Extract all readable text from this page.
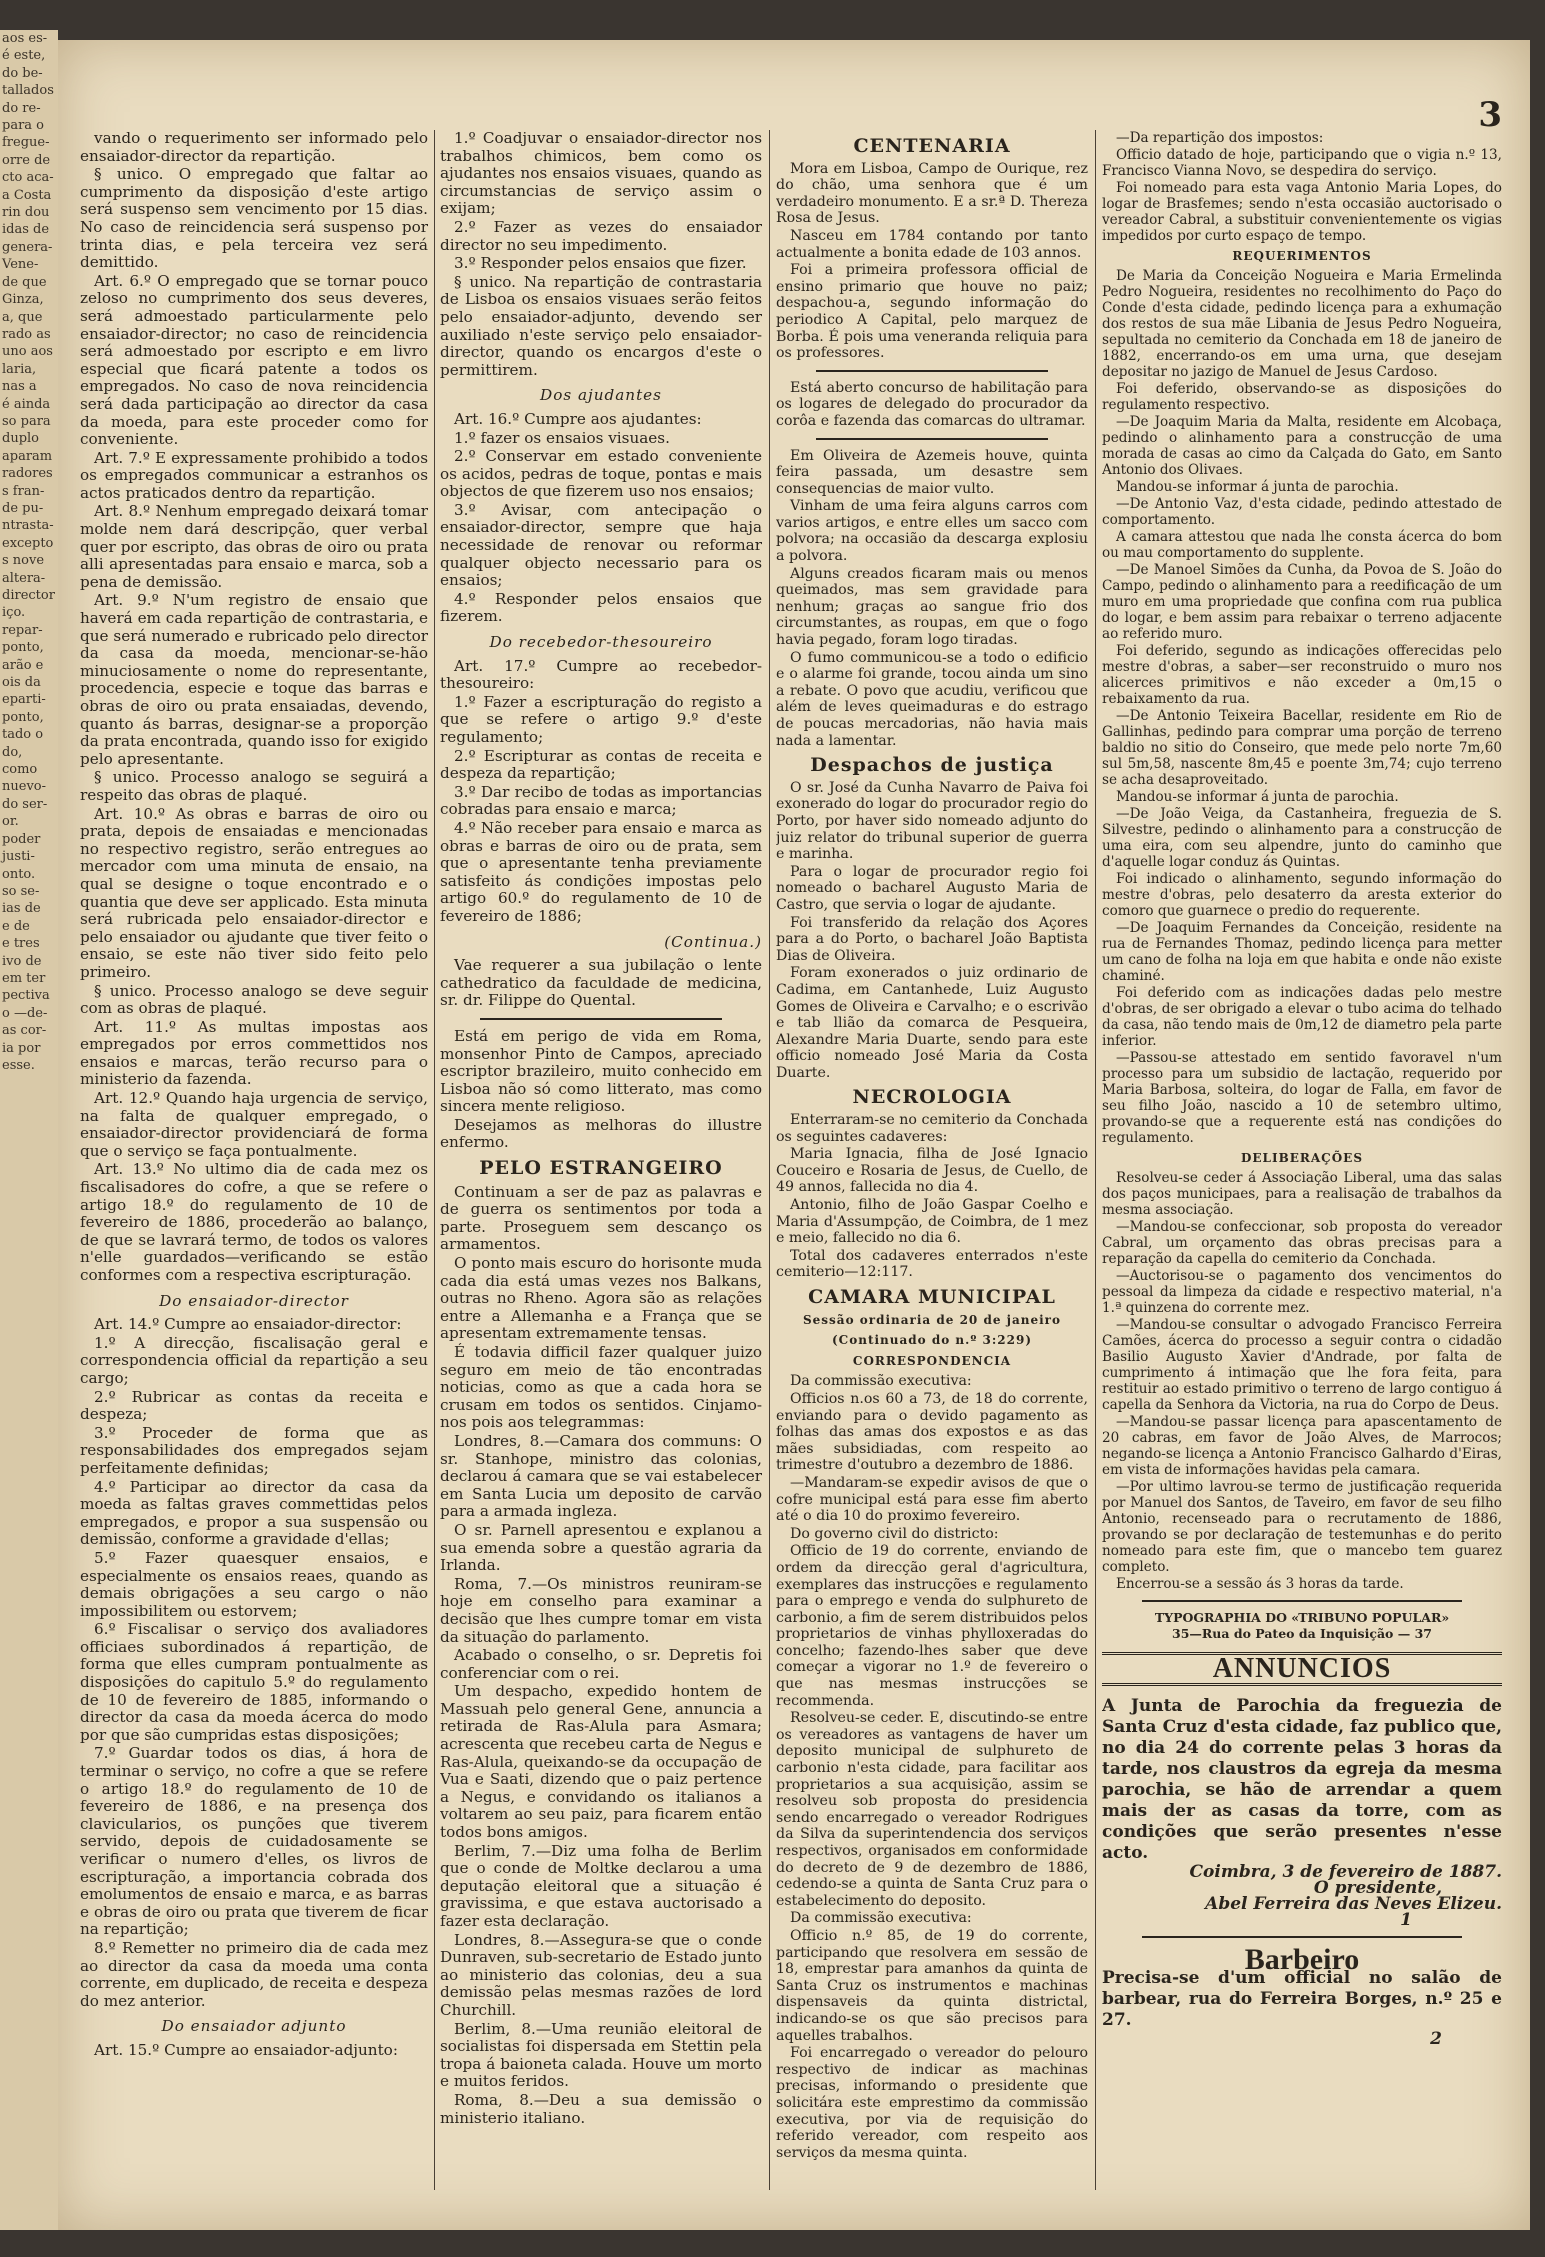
aos es-
é este,
do be-
tallados
do re-
para o
fregue-
orre de
cto aca-
a Costa
rin dou
idas de
genera-
Vene-
de que
Ginza,
a, que
rado as
uno aos
laria,
nas a
é ainda
so para
duplo
aparam
radores
s fran-
de pu-
ntrasta-
excepto
s nove
altera-
director
iço.
repar-
ponto,
arão e
ois da
eparti-
ponto,
tado o
do,
como
nuevo-
do ser-
or.
poder
justi-
onto.
so se-
ias de
e de
e tres
ivo de
em ter
pectiva
o —de-
as cor-
ia por
esse.
3

vando o requerimento ser informado pelo ensaiador-director da repartição.

§ unico. O empregado que faltar ao cumprimento da disposição d'este artigo será suspenso sem vencimento por 15 dias. No caso de reincidencia será suspenso por trinta dias, e pela terceira vez será demittido.

Art. 6.º O empregado que se tornar pouco zeloso no cumprimento dos seus deveres, será admoestado particularmente pelo ensaiador-director; no caso de reincidencia será admoestado por escripto e em livro especial que ficará patente a todos os empregados. No caso de nova reincidencia será dada participação ao director da casa da moeda, para este proceder como for conveniente.

Art. 7.º E expressamente prohibido a todos os empregados communicar a estranhos os actos praticados dentro da repartição.

Art. 8.º Nenhum empregado deixará tomar molde nem dará descripção, quer verbal quer por escripto, das obras de oiro ou prata alli apresentadas para ensaio e marca, sob a pena de demissão.

Art. 9.º N'um registro de ensaio que haverá em cada repartição de contrastaria, e que será numerado e rubricado pelo director da casa da moeda, mencionar-se-hão minuciosamente o nome do representante, procedencia, especie e toque das barras e obras de oiro ou prata ensaiadas, devendo, quanto ás barras, designar-se a proporção da prata encontrada, quando isso for exigido pelo apresentante.

§ unico. Processo analogo se seguirá a respeito das obras de plaqué.

Art. 10.º As obras e barras de oiro ou prata, depois de ensaiadas e mencionadas no respectivo registro, serão entregues ao mercador com uma minuta de ensaio, na qual se designe o toque encontrado e o quantia que deve ser applicado. Esta minuta será rubricada pelo ensaiador-director e pelo ensaiador ou ajudante que tiver feito o ensaio, se este não tiver sido feito pelo primeiro.

§ unico. Processo analogo se deve seguir com as obras de plaqué.

Art. 11.º As multas impostas aos empregados por erros commettidos nos ensaios e marcas, terão recurso para o ministerio da fazenda.

Art. 12.º Quando haja urgencia de serviço, na falta de qualquer empregado, o ensaiador-director providenciará de forma que o serviço se faça pontualmente.

Art. 13.º No ultimo dia de cada mez os fiscalisadores do cofre, a que se refere o artigo 18.º do regulamento de 10 de fevereiro de 1886, procederão ao balanço, de que se lavrará termo, de todos os valores n'elle guardados—verificando se estão conformes com a respectiva escripturação.

Do ensaiador-director

Art. 14.º Cumpre ao ensaiador-director:

1.º A direcção, fiscalisação geral e correspondencia official da repartição a seu cargo;

2.º Rubricar as contas da receita e despeza;

3.º Proceder de forma que as responsabilidades dos empregados sejam perfeitamente definidas;

4.º Participar ao director da casa da moeda as faltas graves commettidas pelos empregados, e propor a sua suspensão ou demissão, conforme a gravidade d'ellas;

5.º Fazer quaesquer ensaios, e especialmente os ensaios reaes, quando as demais obrigações a seu cargo o não impossibilitem ou estorvem;

6.º Fiscalisar o serviço dos avaliadores officiaes subordinados á repartição, de forma que elles cumpram pontualmente as disposições do capitulo 5.º do regulamento de 10 de fevereiro de 1885, informando o director da casa da moeda ácerca do modo por que são cumpridas estas disposições;

7.º Guardar todos os dias, á hora de terminar o serviço, no cofre a que se refere o artigo 18.º do regulamento de 10 de fevereiro de 1886, e na presença dos clavicularios, os punções que tiverem servido, depois de cuidadosamente se verificar o numero d'elles, os livros de escripturação, a importancia cobrada dos emolumentos de ensaio e marca, e as barras e obras de oiro ou prata que tiverem de ficar na repartição;

8.º Remetter no primeiro dia de cada mez ao director da casa da moeda uma conta corrente, em duplicado, de receita e despeza do mez anterior.

Do ensaiador adjunto

Art. 15.º Cumpre ao ensaiador-adjunto:

1.º Coadjuvar o ensaiador-director nos trabalhos chimicos, bem como os ajudantes nos ensaios visuaes, quando as circumstancias de serviço assim o exijam;

2.º Fazer as vezes do ensaiador director no seu impedimento.

3.º Responder pelos ensaios que fizer.

§ unico. Na repartição de contrastaria de Lisboa os ensaios visuaes serão feitos pelo ensaiador-adjunto, devendo ser auxiliado n'este serviço pelo ensaiador-director, quando os encargos d'este o permittirem.

Dos ajudantes

Art. 16.º Cumpre aos ajudantes:

1.º fazer os ensaios visuaes.

2.º Conservar em estado conveniente os acidos, pedras de toque, pontas e mais objectos de que fizerem uso nos ensaios;

3.º Avisar, com antecipação o ensaiador-director, sempre que haja necessidade de renovar ou reformar qualquer objecto necessario para os ensaios;

4.º Responder pelos ensaios que fizerem.

Do recebedor-thesoureiro

Art. 17.º Cumpre ao recebedor-thesoureiro:

1.º Fazer a escripturação do registo a que se refere o artigo 9.º d'este regulamento;

2.º Escripturar as contas de receita e despeza da repartição;

3.º Dar recibo de todas as importancias cobradas para ensaio e marca;

4.º Não receber para ensaio e marca as obras e barras de oiro ou de prata, sem que o apresentante tenha previamente satisfeito ás condições impostas pelo artigo 60.º do regulamento de 10 de fevereiro de 1886;

(Continua.)

Vae requerer a sua jubilação o lente cathedratico da faculdade de medicina, sr. dr. Filippe do Quental.

Está em perigo de vida em Roma, monsenhor Pinto de Campos, apreciado escriptor brazileiro, muito conhecido em Lisboa não só como litterato, mas como sincera mente religioso.

Desejamos as melhoras do illustre enfermo.

PELO ESTRANGEIRO

Continuam a ser de paz as palavras e de guerra os sentimentos por toda a parte. Proseguem sem descanço os armamentos.

O ponto mais escuro do horisonte muda cada dia está umas vezes nos Balkans, outras no Rheno. Agora são as relações entre a Allemanha e a França que se apresentam extremamente tensas.

É todavia difficil fazer qualquer juizo seguro em meio de tão encontradas noticias, como as que a cada hora se crusam em todos os sentidos. Cinjamo-nos pois aos telegrammas:

Londres, 8.—Camara dos communs: O sr. Stanhope, ministro das colonias, declarou á camara que se vai estabelecer em Santa Lucia um deposito de carvão para a armada ingleza.

O sr. Parnell apresentou e explanou a sua emenda sobre a questão agraria da Irlanda.

Roma, 7.—Os ministros reuniram-se hoje em conselho para examinar a decisão que lhes cumpre tomar em vista da situação do parlamento.

Acabado o conselho, o sr. Depretis foi conferenciar com o rei.

Um despacho, expedido hontem de Massuah pelo general Gene, annuncia a retirada de Ras-Alula para Asmara; acrescenta que recebeu carta de Negus e Ras-Alula, queixando-se da occupação de Vua e Saati, dizendo que o paiz pertence a Negus, e convidando os italianos a voltarem ao seu paiz, para ficarem então todos bons amigos.

Berlim, 7.—Diz uma folha de Berlim que o conde de Moltke declarou a uma deputação eleitoral que a situação é gravissima, e que estava auctorisado a fazer esta declaração.

Londres, 8.—Assegura-se que o conde Dunraven, sub-secretario de Estado junto ao ministerio das colonias, deu a sua demissão pelas mesmas razões de lord Churchill.

Berlim, 8.—Uma reunião eleitoral de socialistas foi dispersada em Stettin pela tropa á baioneta calada. Houve um morto e muitos feridos.

Roma, 8.—Deu a sua demissão o ministerio italiano.

CENTENARIA

Mora em Lisboa, Campo de Ourique, rez do chão, uma senhora que é um verdadeiro monumento. E a sr.ª D. Thereza Rosa de Jesus.

Nasceu em 1784 contando por tanto actualmente a bonita edade de 103 annos.

Foi a primeira professora official de ensino primario que houve no paiz; despachou-a, segundo informação do periodico A Capital, pelo marquez de Borba. É pois uma veneranda reliquia para os professores.

Está aberto concurso de habilitação para os logares de delegado do procurador da corôa e fazenda das comarcas do ultramar.

Em Oliveira de Azemeis houve, quinta feira passada, um desastre sem consequencias de maior vulto.

Vinham de uma feira alguns carros com varios artigos, e entre elles um sacco com polvora; na occasião da descarga explosiu a polvora.

Alguns creados ficaram mais ou menos queimados, mas sem gravidade para nenhum; graças ao sangue frio dos circumstantes, as roupas, em que o fogo havia pegado, foram logo tiradas.

O fumo communicou-se a todo o edificio e o alarme foi grande, tocou ainda um sino a rebate. O povo que acudiu, verificou que além de leves queimaduras e do estrago de poucas mercadorias, não havia mais nada a lamentar.

Despachos de justiça

O sr. José da Cunha Navarro de Paiva foi exonerado do logar do procurador regio do Porto, por haver sido nomeado adjunto do juiz relator do tribunal superior de guerra e marinha.

Para o logar de procurador regio foi nomeado o bacharel Augusto Maria de Castro, que servia o logar de ajudante.

Foi transferido da relação dos Açores para a do Porto, o bacharel João Baptista Dias de Oliveira.

Foram exonerados o juiz ordinario de Cadima, em Cantanhede, Luiz Augusto Gomes de Oliveira e Carvalho; e o escrivão e tab llião da comarca de Pesqueira, Alexandre Maria Duarte, sendo para este officio nomeado José Maria da Costa Duarte.

NECROLOGIA

Enterraram-se no cemiterio da Conchada os seguintes cadaveres:

Maria Ignacia, filha de José Ignacio Couceiro e Rosaria de Jesus, de Cuello, de 49 annos, fallecida no dia 4.

Antonio, filho de João Gaspar Coelho e Maria d'Assumpção, de Coimbra, de 1 mez e meio, fallecido no dia 6.

Total dos cadaveres enterrados n'este cemiterio—12:117.

CAMARA MUNICIPAL
Sessão ordinaria de 20 de janeiro
(Continuado do n.º 3:229)
CORRESPONDENCIA

Da commissão executiva:

Officios n.os 60 a 73, de 18 do corrente, enviando para o devido pagamento as folhas das amas dos expostos e as das mães subsidiadas, com respeito ao trimestre d'outubro a dezembro de 1886.

—Mandaram-se expedir avisos de que o cofre municipal está para esse fim aberto até o dia 10 do proximo fevereiro.

Do governo civil do districto:

Officio de 19 do corrente, enviando de ordem da direcção geral d'agricultura, exemplares das instrucções e regulamento para o emprego e venda do sulphureto de carbonio, a fim de serem distribuidos pelos proprietarios de vinhas phylloxeradas do concelho; fazendo-lhes saber que deve começar a vigorar no 1.º de fevereiro o que nas mesmas instrucções se recommenda.

Resolveu-se ceder. E, discutindo-se entre os vereadores as vantagens de haver um deposito municipal de sulphureto de carbonio n'esta cidade, para facilitar aos proprietarios a sua acquisição, assim se resolveu sob proposta do presidencia sendo encarregado o vereador Rodrigues da Silva da superintendencia dos serviços respectivos, organisados em conformidade do decreto de 9 de dezembro de 1886, cedendo-se a quinta de Santa Cruz para o estabelecimento do deposito.

Da commissão executiva:

Officio n.º 85, de 19 do corrente, participando que resolvera em sessão de 18, emprestar para amanhos da quinta de Santa Cruz os instrumentos e machinas dispensaveis da quinta districtal, indicando-se os que são precisos para aquelles trabalhos.

Foi encarregado o vereador do pelouro respectivo de indicar as machinas precisas, informando o presidente que solicitára este emprestimo da commissão executiva, por via de requisição do referido vereador, com respeito aos serviços da mesma quinta.

—Da repartição dos impostos:

Officio datado de hoje, participando que o vigia n.º 13, Francisco Vianna Novo, se despedira do serviço.

Foi nomeado para esta vaga Antonio Maria Lopes, do logar de Brasfemes; sendo n'esta occasião auctorisado o vereador Cabral, a substituir convenientemente os vigias impedidos por curto espaço de tempo.

REQUERIMENTOS

De Maria da Conceição Nogueira e Maria Ermelinda Pedro Nogueira, residentes no recolhimento do Paço do Conde d'esta cidade, pedindo licença para a exhumação dos restos de sua mãe Libania de Jesus Pedro Nogueira, sepultada no cemiterio da Conchada em 18 de janeiro de 1882, encerrando-os em uma urna, que desejam depositar no jazigo de Manuel de Jesus Cardoso.

Foi deferido, observando-se as disposições do regulamento respectivo.

—De Joaquim Maria da Malta, residente em Alcobaça, pedindo o alinhamento para a construcção de uma morada de casas ao cimo da Calçada do Gato, em Santo Antonio dos Olivaes.

Mandou-se informar á junta de parochia.

—De Antonio Vaz, d'esta cidade, pedindo attestado de comportamento.

A camara attestou que nada lhe consta ácerca do bom ou mau comportamento do supplente.

—De Manoel Simões da Cunha, da Povoa de S. João do Campo, pedindo o alinhamento para a reedificação de um muro em uma propriedade que confina com rua publica do logar, e bem assim para rebaixar o terreno adjacente ao referido muro.

Foi deferido, segundo as indicações offerecidas pelo mestre d'obras, a saber—ser reconstruido o muro nos alicerces primitivos e não exceder a 0m,15 o rebaixamento da rua.

—De Antonio Teixeira Bacellar, residente em Rio de Gallinhas, pedindo para comprar uma porção de terreno baldio no sitio do Conseiro, que mede pelo norte 7m,60 sul 5m,58, nascente 8m,45 e poente 3m,74; cujo terreno se acha desaproveitado.

Mandou-se informar á junta de parochia.

—De João Veiga, da Castanheira, freguezia de S. Silvestre, pedindo o alinhamento para a construcção de uma eira, com seu alpendre, junto do caminho que d'aquelle logar conduz ás Quintas.

Foi indicado o alinhamento, segundo informação do mestre d'obras, pelo desaterro da aresta exterior do comoro que guarnece o predio do requerente.

—De Joaquim Fernandes da Conceição, residente na rua de Fernandes Thomaz, pedindo licença para metter um cano de folha na loja em que habita e onde não existe chaminé.

Foi deferido com as indicações dadas pelo mestre d'obras, de ser obrigado a elevar o tubo acima do telhado da casa, não tendo mais de 0m,12 de diametro pela parte inferior.

—Passou-se attestado em sentido favoravel n'um processo para um subsidio de lactação, requerido por Maria Barbosa, solteira, do logar de Falla, em favor de seu filho João, nascido a 10 de setembro ultimo, provando-se que a requerente está nas condições do regulamento.

DELIBERAÇÕES

Resolveu-se ceder á Associação Liberal, uma das salas dos paços municipaes, para a realisação de trabalhos da mesma associação.

—Mandou-se confeccionar, sob proposta do vereador Cabral, um orçamento das obras precisas para a reparação da capella do cemiterio da Conchada.

—Auctorisou-se o pagamento dos vencimentos do pessoal da limpeza da cidade e respectivo material, n'a 1.ª quinzena do corrente mez.

—Mandou-se consultar o advogado Francisco Ferreira Camões, ácerca do processo a seguir contra o cidadão Basilio Augusto Xavier d'Andrade, por falta de cumprimento á intimação que lhe fora feita, para restituir ao estado primitivo o terreno de largo contiguo á capella da Senhora da Victoria, na rua do Corpo de Deus.

—Mandou-se passar licença para apascentamento de 20 cabras, em favor de João Alves, de Marrocos; negando-se licença a Antonio Francisco Galhardo d'Eiras, em vista de informações havidas pela camara.

—Por ultimo lavrou-se termo de justificação requerida por Manuel dos Santos, de Taveiro, em favor de seu filho Antonio, recenseado para o recrutamento de 1886, provando se por declaração de testemunhas e do perito nomeado para este fim, que o mancebo tem guarez completo.

Encerrou-se a sessão ás 3 horas da tarde.

TYPOGRAPHIA DO «TRIBUNO POPULAR»
35—Rua do Pateo da Inquisição — 37
ANNUNCIOS
A Junta de Parochia da freguezia de Santa Cruz d'esta cidade, faz publico que, no dia 24 do corrente pelas 3 horas da tarde, nos claustros da egreja da mesma parochia, se hão de arrendar a quem mais der as casas da torre, com as condições que serão presentes n'esse acto.
Coimbra, 3 de fevereiro de 1887.
O presidente,
Abel Ferreira das Neves Elizeu.
1
Barbeiro
Precisa-se d'um official no salão de barbear, rua do Ferreira Borges, n.º 25 e 27.
2
